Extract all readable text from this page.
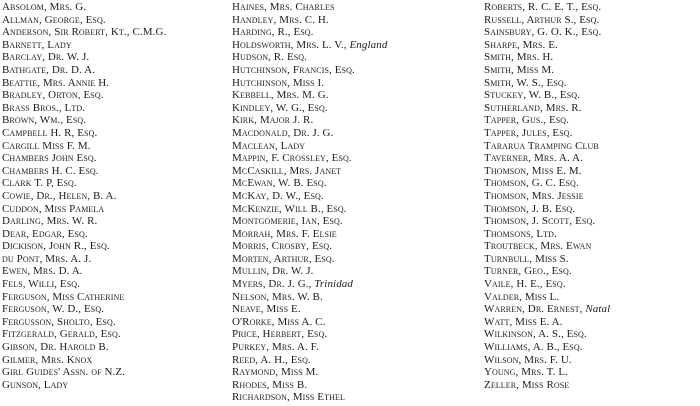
Absolom, Mrs. G.
Allman, George, Esq.
Anderson, Sir Robert, Kt., C.M.G.
Barnett, Lady
Barclay, Dr. W. J.
Bathgate, Dr. D. A.
Beattie, Mrs. Annie H.
Bradley, Orton, Esq.
Brass Bros., Ltd.
Brown, Wm., Esq.
Campbell H. R, Esq.
Cargill Miss F. M.
Chambers John Esq.
Chambers H. C. Esq.
Clark T. P, Esq.
Cowie, Dr., Helen, B. A.
Cuddon, Miss Pamela
Darling, Mrs. W. R.
Dear, Edgar, Esq.
Dickison, John R., Esq.
du Pont, Mrs. A. J.
Ewen, Mrs. D. A.
Fels, Willi, Esq.
Ferguson, Miss Catherine
Ferguson, W. D., Esq.
Fergusson, Sholto, Esq.
Fitzgerald, Gerald, Esq.
Gibson, Dr. Harold B.
Gilmer, Mrs. Knox
Girl Guides' Assn. of N.Z.
Gunson, Lady
Haines, Mrs. Charles
Handley, Mrs. C. H.
Harding, R., Esq.
Holdsworth, Mrs. L. V., England
Hudson, R. Esq.
Hutchinson, Francis, Esq.
Hutchinson, Miss I.
Kebbell, Mrs. M. G.
Kindley, W. G., Esq.
Kirk, Major J. R.
Macdonald, Dr. J. G.
Maclean, Lady
Mappin, F. Crossley, Esq.
McCaskill, Mrs. Janet
McEwan, W. B. Esq.
McKay, D. W., Esq.
McKenzie, Will B., Esq.
Montgomerie, Ian, Esq.
Morrah, Mrs. F. Elsie
Morris, Crosby, Esq.
Morten, Arthur, Esq.
Mullin, Dr. W. J.
Myers, Dr. J. G., Trinidad
Nelson, Mrs. W. B.
Neave, Miss E.
O'Rorke, Miss A. C.
Price, Herbert, Esq.
Purkey, Mrs. A. F.
Reed, A. H., Esq.
Raymond, Miss M.
Rhodes, Miss B.
Richardson, Miss Ethel
Roberts, R. C. E. T., Esq.
Russell, Arthur S., Esq.
Sainsbury, G. O. K., Esq.
Sharpe, Mrs. E.
Smith, Mrs. H.
Smith, Miss M.
Smith, W. S., Esq.
Stuckey, W. B., Esq.
Sutherland, Mrs. R.
Tapper, Gus., Esq.
Tapper, Jules, Esq.
Tararua Tramping Club
Taverner, Mrs. A. A.
Thomson, Miss E. M.
Thomson, G. C. Esq.
Thomson, Mrs. Jessie
Thomson, J. B. Esq.
Thomson, J. Scott, Esq.
Thomsons, Ltd.
Troutbeck, Mrs. Ewan
Turnbull, Miss S.
Turner, Geo., Esq.
Vaile, H. E., Esq.
Valder, Miss L.
Warren, Dr. Ernest, Natal
Watt, Miss E. A.
Wilkinson, A. S., Esq.
Williams, A. B., Esq.
Wilson, Mrs. F. U.
Young, Mrs. T. L.
Zeller, Miss Rose
